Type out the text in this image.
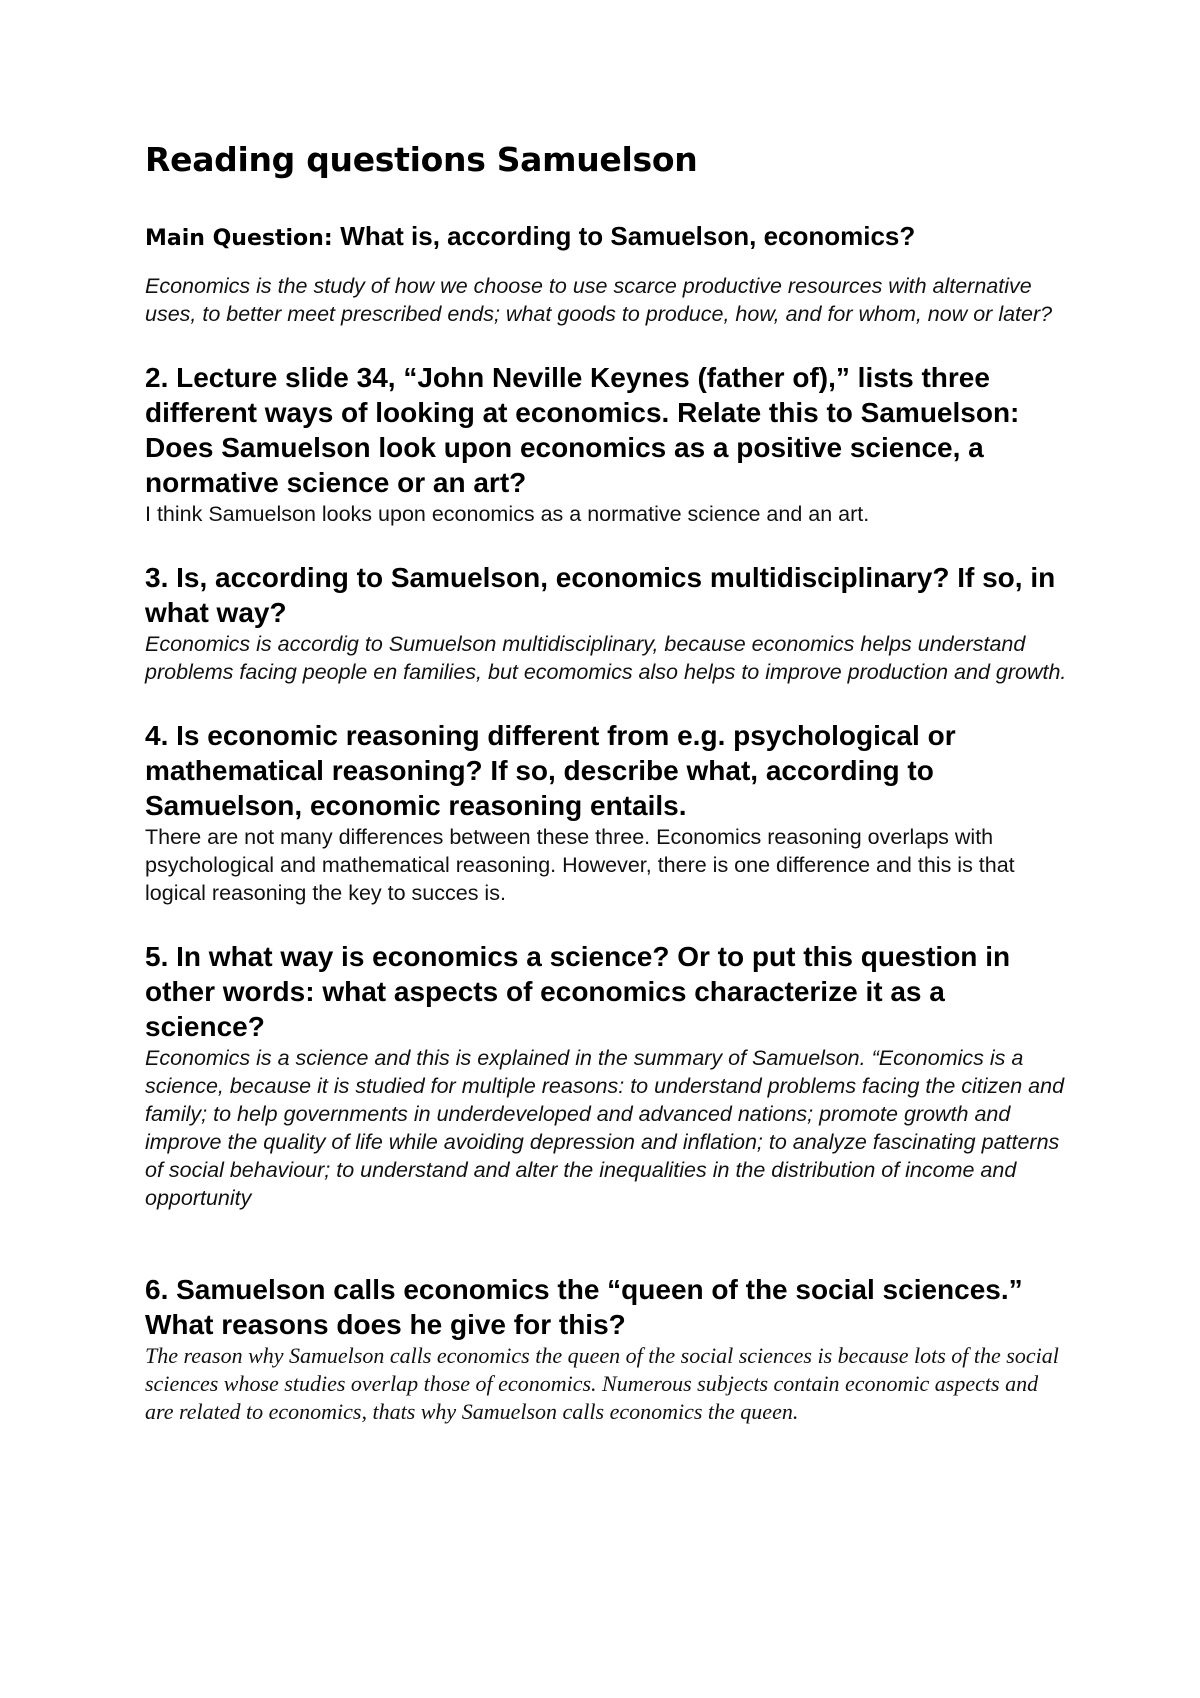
Reading questions Samuelson

Main Question: What is, according to Samuelson, economics?

Economics is the study of how we choose to use scarce productive resources with alternative uses, to better meet prescribed ends; what goods to produce, how, and for whom, now or later?

2. Lecture slide 34, “John Neville Keynes (father of),” lists three different ways of looking at economics. Relate this to Samuelson: Does Samuelson look upon economics as a positive science, a normative science or an art?

I think Samuelson looks upon economics as a normative science and an art.

3. Is, according to Samuelson, economics multidisciplinary? If so, in what way?

Economics is accordig to Sumuelson multidisciplinary, because economics helps understand problems facing people en families, but ecomomics also helps to improve production and growth.

4. Is economic reasoning different from e.g. psychological or mathematical reasoning? If so, describe what, according to Samuelson, economic reasoning entails.

There are not many differences between these three. Economics reasoning overlaps with psychological and mathematical reasoning. However, there is one difference and this is that logical reasoning the key to succes is.

5. In what way is economics a science? Or to put this question in other words: what aspects of economics characterize it as a science?

Economics is a science and this is explained in the summary of Samuelson. “Economics is a science, because it is studied for multiple reasons: to understand problems facing the citizen and family; to help governments in underdeveloped and advanced nations; promote growth and improve the quality of life while avoiding depression and inflation; to analyze fascinating patterns of social behaviour; to understand and alter the inequalities in the distribution of income and opportunity

6. Samuelson calls economics the “queen of the social sciences.” What reasons does he give for this?

The reason why Samuelson calls economics the queen of the social sciences is because lots of the social sciences whose studies overlap those of economics. Numerous subjects contain economic aspects and are related to economics, thats why Samuelson calls economics the queen.
